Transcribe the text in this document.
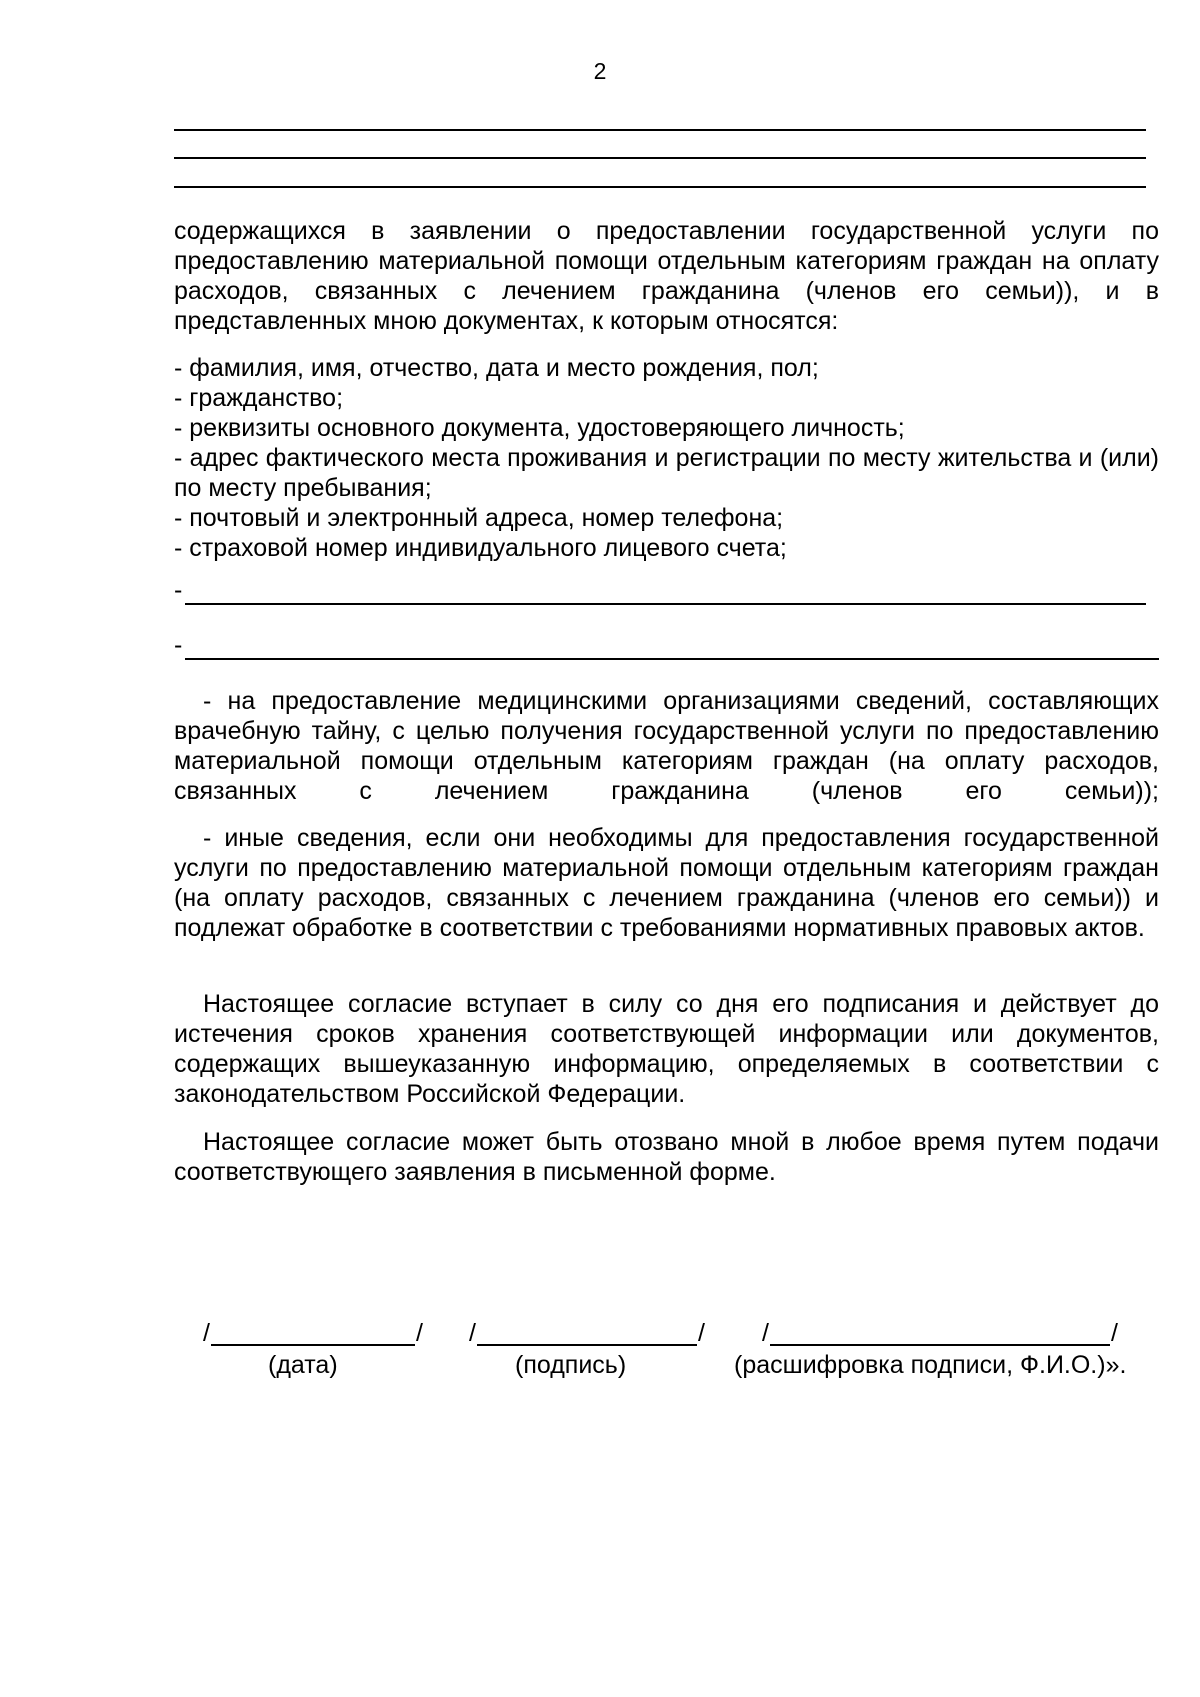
2
содержащихся в заявлении о предоставлении государственной услуги по предоставлению материальной помощи отдельным категориям граждан на оплату расходов, связанных с лечением гражданина (членов его семьи)), и в представленных мною документах, к которым относятся:
- фамилия, имя, отчество, дата и место рождения, пол;
- гражданство;
- реквизиты основного документа, удостоверяющего личность;
- адрес фактического места проживания и регистрации по месту жительства и (или) по месту пребывания;
- почтовый и электронный адреса, номер телефона;
- страховой номер индивидуального лицевого счета;
-
-
- на предоставление медицинскими организациями сведений, составляющих врачебную тайну, с целью получения государственной услуги по предоставлению материальной помощи отдельным категориям граждан (на оплату расходов, связанных с лечением гражданина (членов его семьи));
- иные сведения, если они необходимы для предоставления государственной услуги по предоставлению материальной помощи отдельным категориям граждан (на оплату расходов, связанных с лечением гражданина (членов его семьи)) и подлежат обработке в соответствии с требованиями нормативных правовых актов.
Настоящее согласие вступает в силу со дня его подписания и действует до истечения сроков хранения соответствующей информации или документов, содержащих вышеуказанную информацию, определяемых в соответствии с законодательством Российской Федерации.
Настоящее согласие может быть отозвано мной в любое время путем подачи соответствующего заявления в письменной форме.
/	/ /	/ /	/
(дата)	(подпись)	(расшифровка подписи, Ф.И.О.)».
